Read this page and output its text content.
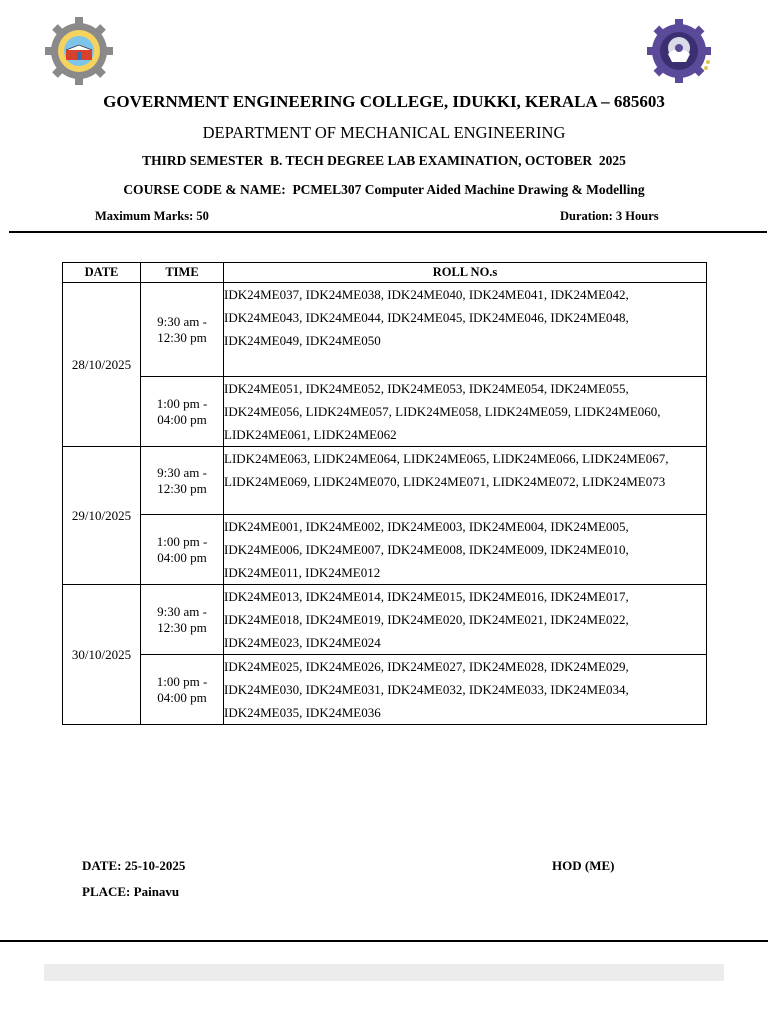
GOVERNMENT ENGINEERING COLLEGE, IDUKKI, KERALA – 685603
DEPARTMENT OF MECHANICAL ENGINEERING
THIRD SEMESTER  B. TECH DEGREE LAB EXAMINATION, OCTOBER  2025
COURSE CODE & NAME:  PCMEL307 Computer Aided Machine Drawing & Modelling
Maximum Marks: 50	Duration: 3 Hours
DATE	TIME	ROLL NO.s
28/10/2025	9:30 am -
12:30 pm	IDK24ME037, IDK24ME038, IDK24ME040, IDK24ME041, IDK24ME042, IDK24ME043, IDK24ME044, IDK24ME045, IDK24ME046, IDK24ME048, IDK24ME049, IDK24ME050
	1:00 pm -
04:00 pm	IDK24ME051, IDK24ME052, IDK24ME053, IDK24ME054, IDK24ME055, IDK24ME056, LIDK24ME057, LIDK24ME058, LIDK24ME059, LIDK24ME060, LIDK24ME061, LIDK24ME062
29/10/2025	9:30 am -
12:30 pm	LIDK24ME063, LIDK24ME064, LIDK24ME065, LIDK24ME066, LIDK24ME067, LIDK24ME069, LIDK24ME070, LIDK24ME071, LIDK24ME072, LIDK24ME073
	1:00 pm -
04:00 pm	IDK24ME001, IDK24ME002, IDK24ME003, IDK24ME004, IDK24ME005, IDK24ME006, IDK24ME007, IDK24ME008, IDK24ME009, IDK24ME010, IDK24ME011, IDK24ME012
30/10/2025	9:30 am -
12:30 pm	IDK24ME013, IDK24ME014, IDK24ME015, IDK24ME016, IDK24ME017, IDK24ME018, IDK24ME019, IDK24ME020, IDK24ME021, IDK24ME022, IDK24ME023, IDK24ME024
	1:00 pm -
04:00 pm	IDK24ME025, IDK24ME026, IDK24ME027, IDK24ME028, IDK24ME029, IDK24ME030, IDK24ME031, IDK24ME032, IDK24ME033, IDK24ME034, IDK24ME035, IDK24ME036
DATE: 25-10-2025
PLACE: Painavu
HOD (ME)
